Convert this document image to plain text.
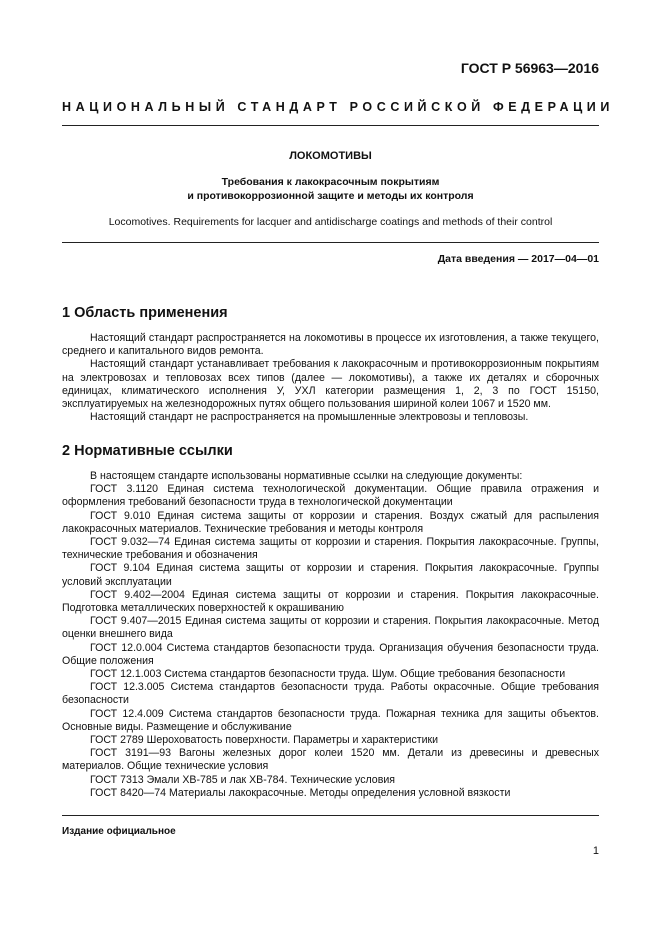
ГОСТ Р 56963—2016
НАЦИОНАЛЬНЫЙ СТАНДАРТ РОССИЙСКОЙ ФЕДЕРАЦИИ
ЛОКОМОТИВЫ
Требования к лакокрасочным покрытиям
и противокоррозионной защите и методы их контроля
Locomotives. Requirements for lacquer and antidischarge coatings and methods of their control
Дата введения — 2017—04—01
1 Область применения

Настоящий стандарт распространяется на локомотивы в процессе их изготовления, а также текущего, среднего и капитального видов ремонта.

Настоящий стандарт устанавливает требования к лакокрасочным и противокоррозионным покрытиям на электровозах и тепловозах всех типов (далее — локомотивы), а также их деталях и сборочных единицах, климатического исполнения У, УХЛ категории размещения 1, 2, 3 по ГОСТ 15150, эксплуатируемых на железнодорожных путях общего пользования шириной колеи 1067 и 1520 мм.

Настоящий стандарт не распространяется на промышленные электровозы и тепловозы.

2 Нормативные ссылки

В настоящем стандарте использованы нормативные ссылки на следующие документы:

ГОСТ 3.1120 Единая система технологической документации. Общие правила отражения и оформления требований безопасности труда в технологической документации

ГОСТ 9.010 Единая система защиты от коррозии и старения. Воздух сжатый для распыления лакокрасочных материалов. Технические требования и методы контроля

ГОСТ 9.032—74 Единая система защиты от коррозии и старения. Покрытия лакокрасочные. Группы, технические требования и обозначения

ГОСТ 9.104 Единая система защиты от коррозии и старения. Покрытия лакокрасочные. Группы условий эксплуатации

ГОСТ 9.402—2004 Единая система защиты от коррозии и старения. Покрытия лакокрасочные. Подготовка металлических поверхностей к окрашиванию

ГОСТ 9.407—2015 Единая система защиты от коррозии и старения. Покрытия лакокрасочные. Метод оценки внешнего вида

ГОСТ 12.0.004 Система стандартов безопасности труда. Организация обучения безопасности труда. Общие положения

ГОСТ 12.1.003 Система стандартов безопасности труда. Шум. Общие требования безопасности

ГОСТ 12.3.005 Система стандартов безопасности труда. Работы окрасочные. Общие требования безопасности

ГОСТ 12.4.009 Система стандартов безопасности труда. Пожарная техника для защиты объектов. Основные виды. Размещение и обслуживание

ГОСТ 2789 Шероховатость поверхности. Параметры и характеристики

ГОСТ 3191—93 Вагоны железных дорог колеи 1520 мм. Детали из древесины и древесных материалов. Общие технические условия

ГОСТ 7313 Эмали ХВ-785 и лак ХВ-784. Технические условия

ГОСТ 8420—74 Материалы лакокрасочные. Методы определения условной вязкости

Издание официальное
1
